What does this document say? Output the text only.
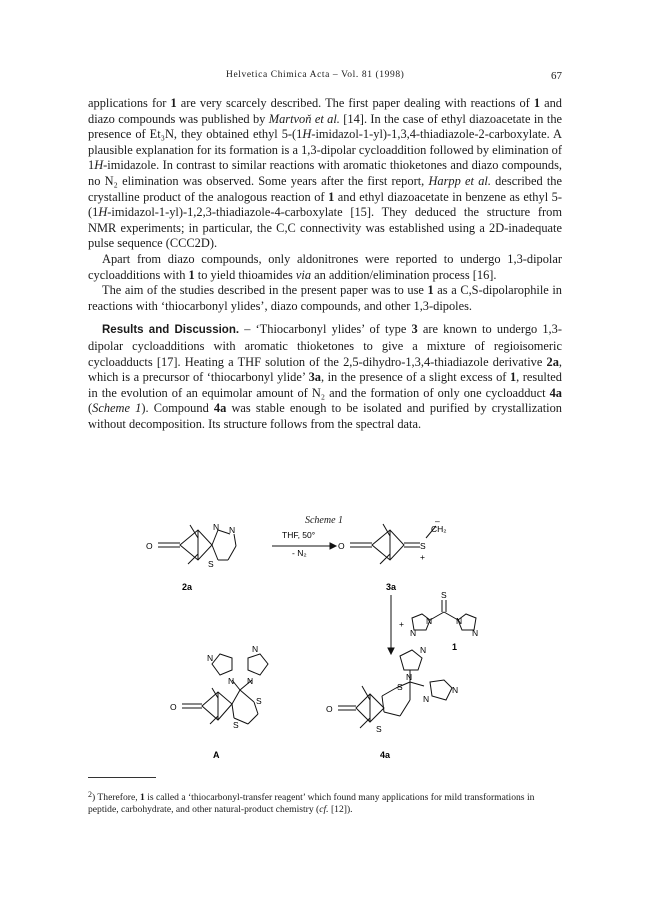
Helvetica Chimica Acta – Vol. 81 (1998)	67

applications for 1 are very scarcely described. The first paper dealing with reactions of 1 and diazo compounds was published by Martvoň et al. [14]. In the case of ethyl diazoacetate in the presence of Et₃N, they obtained ethyl 5-(1H-imidazol-1-yl)-1,3,4-thiadiazole-2-carboxylate. A plausible explanation for its formation is a 1,3-dipolar cycloaddition followed by elimination of 1H-imidazole. In contrast to similar reactions with aromatic thioketones and diazo compounds, no N₂ elimination was observed. Some years after the first report, Harpp et al. described the crystalline product of the analogous reaction of 1 and ethyl diazoacetate in benzene as ethyl 5-(1H-imidazol-1-yl)-1,2,3-thiadiazole-4-carboxylate [15]. They deduced the structure from NMR experiments; in particular, the C,C connectivity was established using a 2D-inadequate pulse sequence (CCC2D).

Apart from diazo compounds, only aldonitrones were reported to undergo 1,3-dipolar cycloadditions with 1 to yield thioamides via an addition/elimination process [16].

The aim of the studies described in the present paper was to use 1 as a C,S-dipolarophile in reactions with ‘thiocarbonyl ylides’, diazo compounds, and other 1,3-dipoles.

Results and Discussion. – ‘Thiocarbonyl ylides’ of type 3 are known to undergo 1,3-dipolar cycloadditions with aromatic thioketones to give a mixture of regioisomeric cycloadducts [17]. Heating a THF solution of the 2,5-dihydro-1,3,4-thiadiazole derivative 2a, which is a precursor of ‘thiocarbonyl ylide’ 3a, in the presence of a slight excess of 1, resulted in the evolution of an equimolar amount of N₂ and the formation of only one cycloadduct 4a (Scheme 1). Compound 4a was stable enough to be isolated and purified by crystallization without decomposition. Its structure follows from the spectral data.

Scheme 1
O
N N
S
2a
THF, 50°
- N₂
O	S
+
–
CH₂
3a
+
S
N	N
N	N
1
N
N
N N
S
S
O
A
N
N
N
N
S
S
O
4a
$^2$) Therefore, 1 is called a ‘thiocarbonyl-transfer reagent’ which found many applications for mild transformations in peptide, carbohydrate, and other natural-product chemistry (cf. [12]).
